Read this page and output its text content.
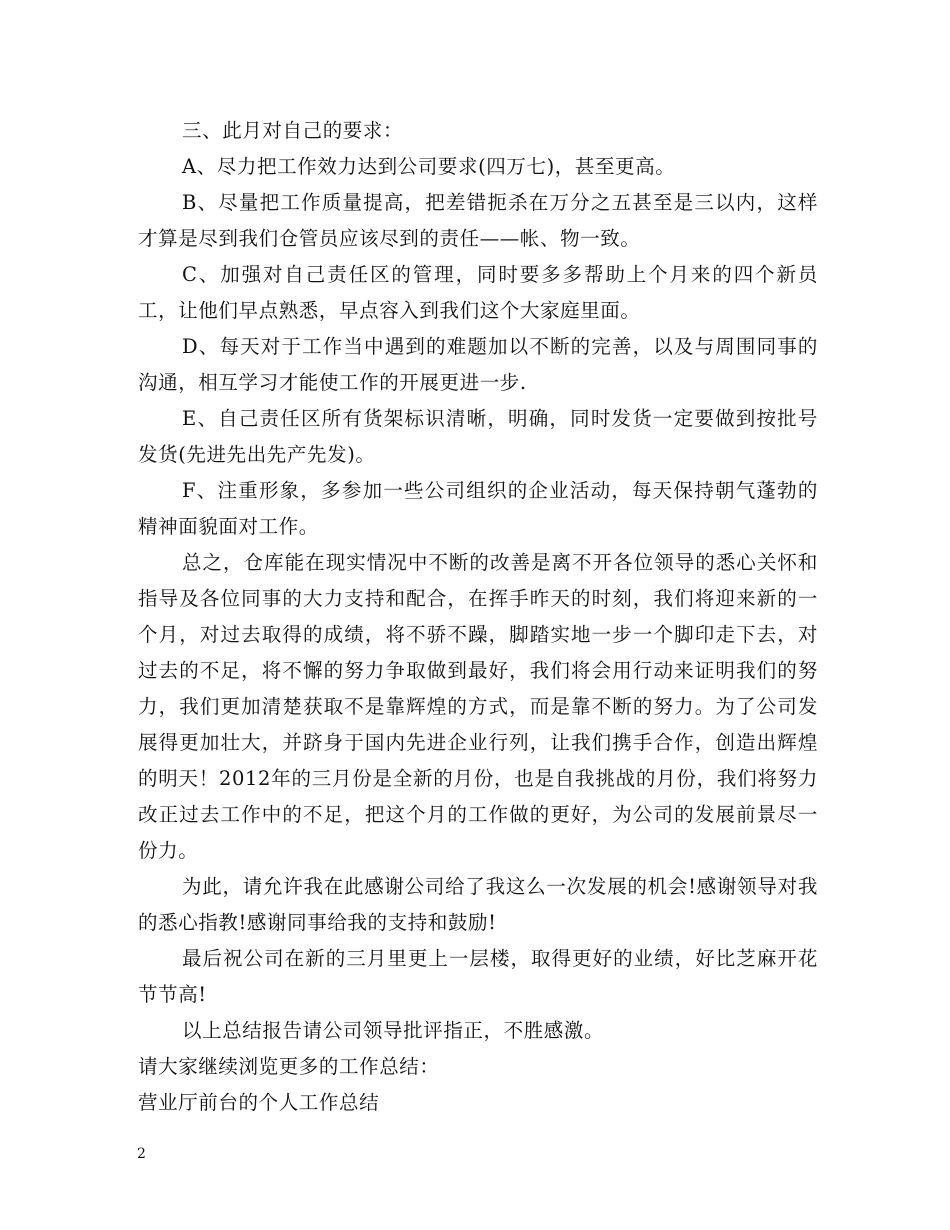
三、此月对自己的要求：

A、尽力把工作效力达到公司要求(四万七)，甚至更高。

B、尽量把工作质量提高，把差错扼杀在万分之五甚至是三以内，这样才算是尽到我们仓管员应该尽到的责任——帐、物一致。

C、加强对自己责任区的管理，同时要多多帮助上个月来的四个新员工，让他们早点熟悉，早点容入到我们这个大家庭里面。

D、每天对于工作当中遇到的难题加以不断的完善，以及与周围同事的沟通，相互学习才能使工作的开展更进一步.

E、自己责任区所有货架标识清晰，明确，同时发货一定要做到按批号发货(先进先出先产先发)。

F、注重形象，多参加一些公司组织的企业活动，每天保持朝气蓬勃的精神面貌面对工作。

总之，仓库能在现实情况中不断的改善是离不开各位领导的悉心关怀和指导及各位同事的大力支持和配合，在挥手昨天的时刻，我们将迎来新的一个月，对过去取得的成绩，将不骄不躁，脚踏实地一步一个脚印走下去，对过去的不足，将不懈的努力争取做到最好，我们将会用行动来证明我们的努力，我们更加清楚获取不是靠辉煌的方式，而是靠不断的努力。为了公司发展得更加壮大，并跻身于国内先进企业行列，让我们携手合作，创造出辉煌的明天！2012年的三月份是全新的月份，也是自我挑战的月份，我们将努力改正过去工作中的不足，把这个月的工作做的更好，为公司的发展前景尽一份力。

为此，请允许我在此感谢公司给了我这么一次发展的机会!感谢领导对我的悉心指教!感谢同事给我的支持和鼓励!

最后祝公司在新的三月里更上一层楼，取得更好的业绩，好比芝麻开花节节高!

以上总结报告请公司领导批评指正，不胜感激。

请大家继续浏览更多的工作总结：

营业厅前台的个人工作总结

2
